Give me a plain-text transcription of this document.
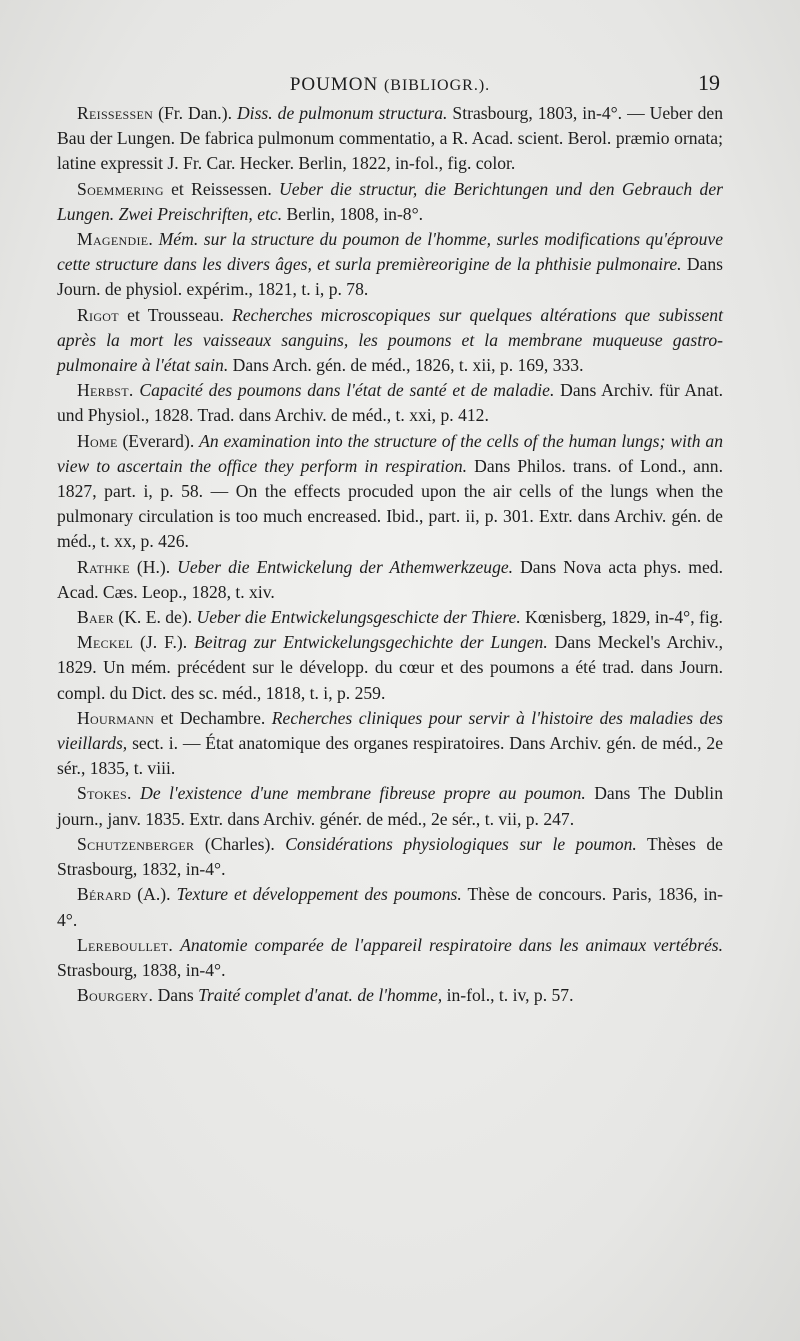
POUMON (BIBLIOGR.).	19

Reissessen (Fr. Dan.). Diss. de pulmonum structura. Strasbourg, 1803, in-4°. — Ueber den Bau der Lungen. De fabrica pulmonum commentatio, a R. Acad. scient. Berol. præmio ornata; latine expressit J. Fr. Car. Hecker. Berlin, 1822, in-fol., fig. color.

Soemmering et Reissessen. Ueber die structur, die Berichtungen und den Gebrauch der Lungen. Zwei Preischriften, etc. Berlin, 1808, in-8°.

Magendie. Mém. sur la structure du poumon de l'homme, surles modifications qu'éprouve cette structure dans les divers âges, et surla premièreorigine de la phthisie pulmonaire. Dans Journ. de physiol. expérim., 1821, t. i, p. 78.

Rigot et Trousseau. Recherches microscopiques sur quelques altérations que subissent après la mort les vaisseaux sanguins, les poumons et la membrane muqueuse gastro-pulmonaire à l'état sain. Dans Arch. gén. de méd., 1826, t. xii, p. 169, 333.

Herbst. Capacité des poumons dans l'état de santé et de maladie. Dans Archiv. für Anat. und Physiol., 1828. Trad. dans Archiv. de méd., t. xxi, p. 412.

Home (Everard). An examination into the structure of the cells of the human lungs; with an view to ascertain the office they perform in respiration. Dans Philos. trans. of Lond., ann. 1827, part. i, p. 58. — On the effects procuded upon the air cells of the lungs when the pulmonary circulation is too much encreased. Ibid., part. ii, p. 301. Extr. dans Archiv. gén. de méd., t. xx, p. 426.

Rathke (H.). Ueber die Entwickelung der Athemwerkzeuge. Dans Nova acta phys. med. Acad. Cæs. Leop., 1828, t. xiv.

Baer (K. E. de). Ueber die Entwickelungsgeschicte der Thiere. Kœnisberg, 1829, in-4°, fig.

Meckel (J. F.). Beitrag zur Entwickelungsgechichte der Lungen. Dans Meckel's Archiv., 1829. Un mém. précédent sur le développ. du cœur et des poumons a été trad. dans Journ. compl. du Dict. des sc. méd., 1818, t. i, p. 259.

Hourmann et Dechambre. Recherches cliniques pour servir à l'histoire des maladies des vieillards, sect. i. — État anatomique des organes respiratoires. Dans Archiv. gén. de méd., 2e sér., 1835, t. viii.

Stokes. De l'existence d'une membrane fibreuse propre au poumon. Dans The Dublin journ., janv. 1835. Extr. dans Archiv. génér. de méd., 2e sér., t. vii, p. 247.

Schutzenberger (Charles). Considérations physiologiques sur le poumon. Thèses de Strasbourg, 1832, in-4°.

Bérard (A.). Texture et développement des poumons. Thèse de concours. Paris, 1836, in-4°.

Lereboullet. Anatomie comparée de l'appareil respiratoire dans les animaux vertébrés. Strasbourg, 1838, in-4°.

Bourgery. Dans Traité complet d'anat. de l'homme, in-fol., t. iv, p. 57.
